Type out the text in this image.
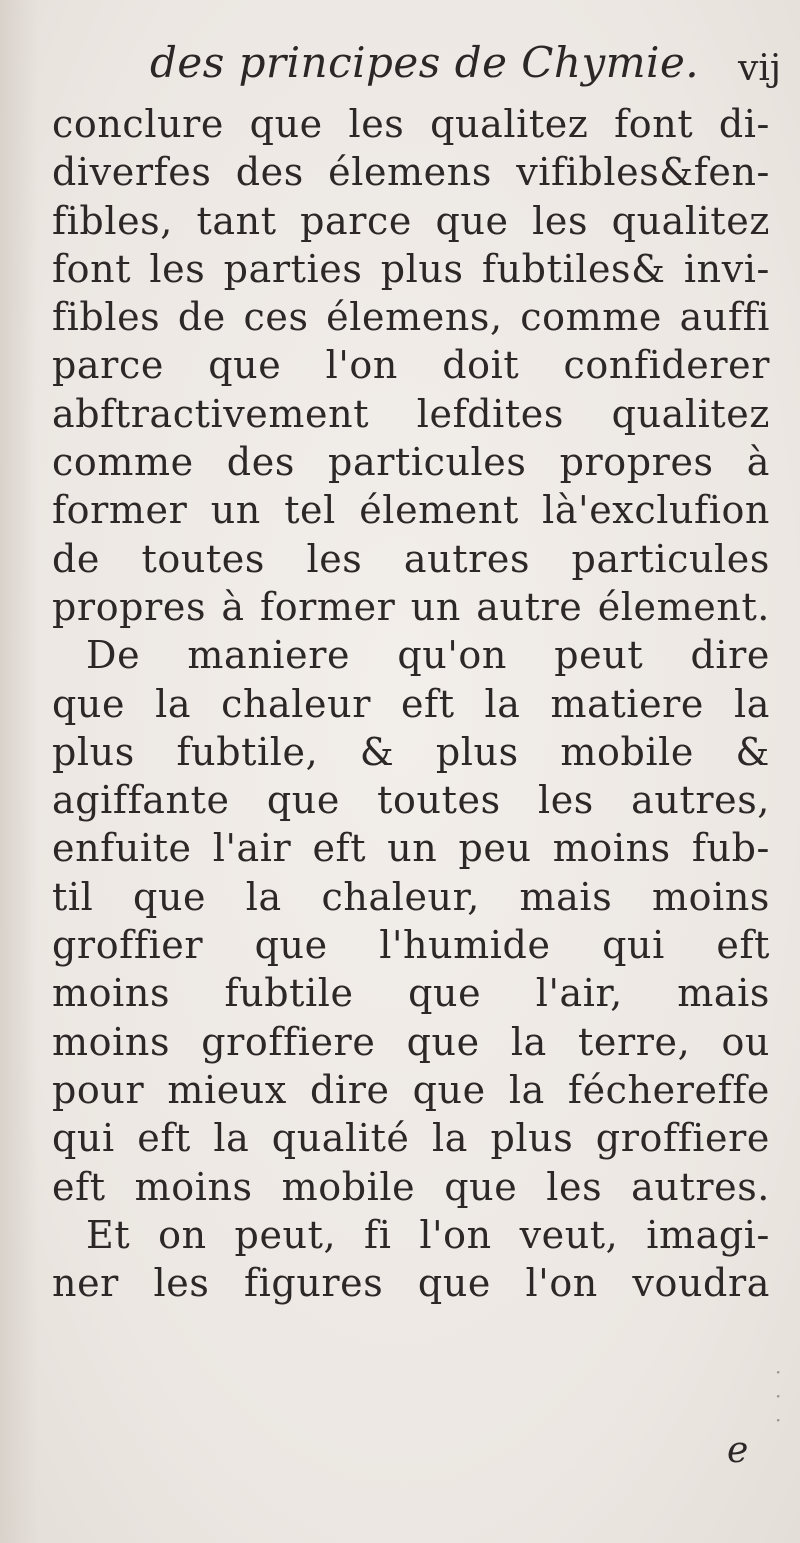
des principes de Chymie. vij
conclure que les qualitez font di-
diverfes des élemens vifibles&fen-
fibles, tant parce que les qualitez
font les parties plus fubtiles& invi-
fibles de ces élemens, comme auffi
parce que l'on doit confiderer
abftractivement lefdites qualitez
comme des particules propres à
former un tel élement là'exclufion
de toutes les autres particules
propres à former un autre élement.
De maniere qu'on peut dire
que la chaleur eft la matiere la
plus fubtile, & plus mobile &
agiffante que toutes les autres,
enfuite l'air eft un peu moins fub-
til que la chaleur, mais moins
groffier que l'humide qui eft
moins fubtile que l'air, mais
moins groffiere que la terre, ou
pour mieux dire que la féchereffe
qui eft la qualité la plus groffiere
eft moins mobile que les autres.
Et on peut, fi l'on veut, imagi-
ner les figures que l'on voudra
e
· · ·
